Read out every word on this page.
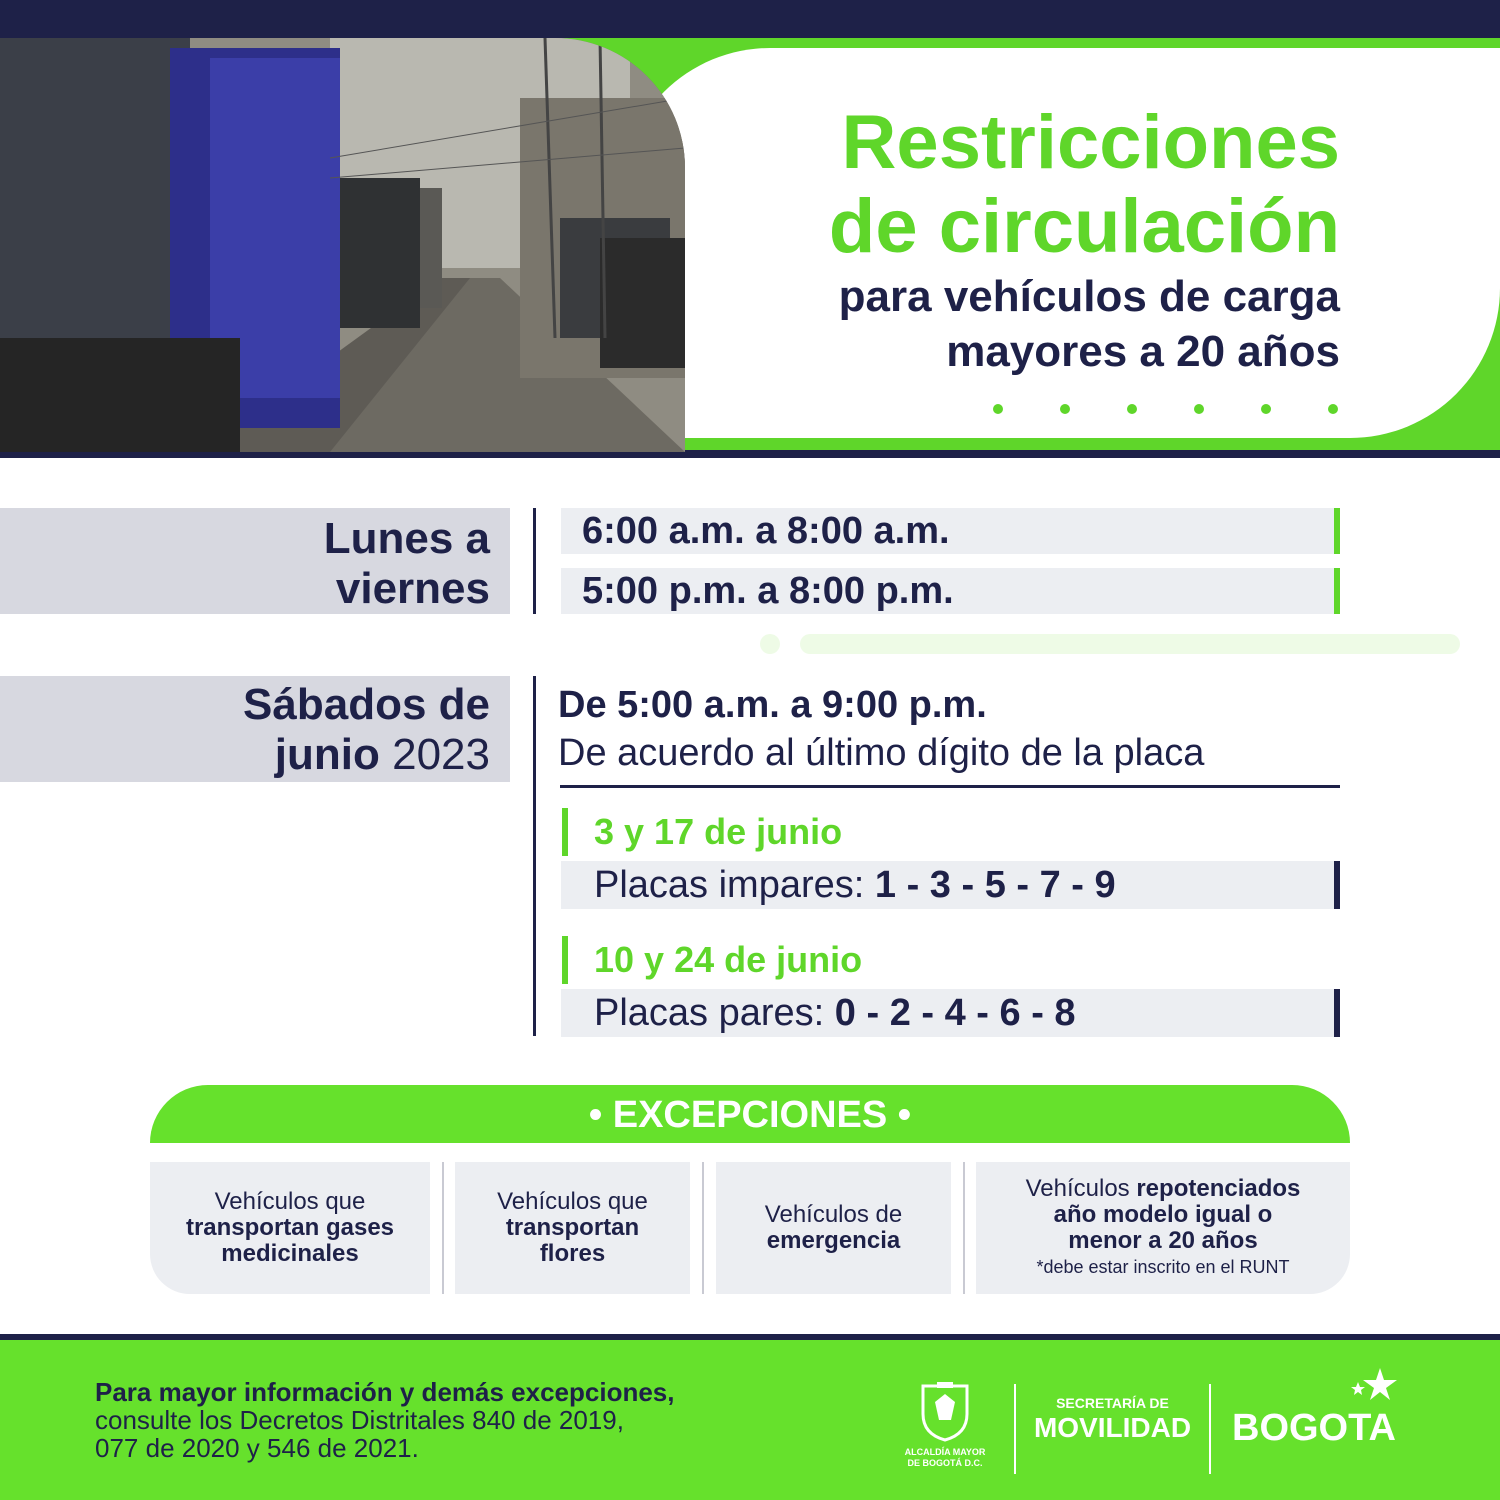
Restricciones
de circulación
para vehículos de carga
mayores a 20 años
Lunes a
viernes
6:00 a.m. a 8:00 a.m.
5:00 p.m. a 8:00 p.m.
Sábados de
junio 2023
De 5:00 a.m. a 9:00 p.m.
De acuerdo al último dígito de la placa
3 y 17 de junio
Placas impares: 1 - 3 - 5 - 7 - 9
10 y 24 de junio
Placas pares: 0 - 2 - 4 - 6 - 8
• EXCEPCIONES •
Vehículos que
transportan gases
medicinales
Vehículos que
transportan
flores
Vehículos de
emergencia
Vehículos repotenciados
año modelo igual o
menor a 20 años
*debe estar inscrito en el RUNT
Para mayor información y demás excepciones,
consulte los Decretos Distritales 840 de 2019,
077 de 2020 y 546 de 2021.	ALCALDÍA MAYOR
DE BOGOTÁ D.C.
SECRETARÍA DE
MOVILIDAD BOGOTA
